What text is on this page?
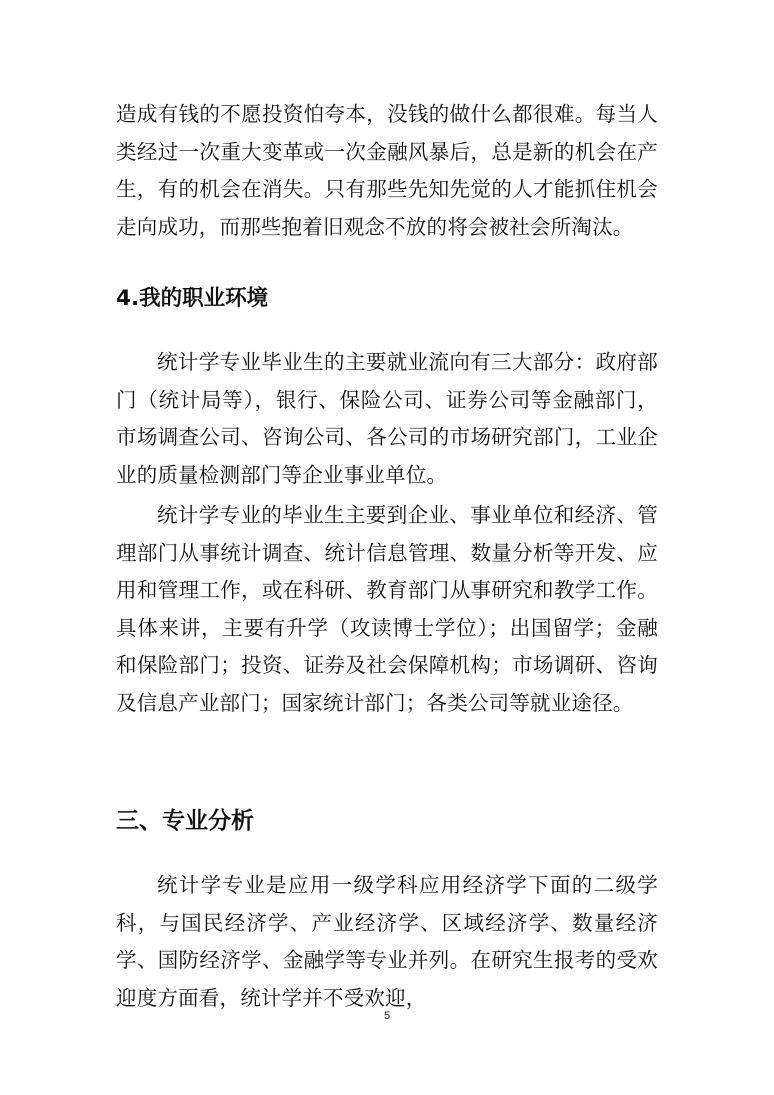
造成有钱的不愿投资怕夸本，没钱的做什么都很难。每当人类经过一次重大变革或一次金融风暴后，总是新的机会在产生，有的机会在消失。只有那些先知先觉的人才能抓住机会走向成功，而那些抱着旧观念不放的将会被社会所淘汰。

4.我的职业环境

统计学专业毕业生的主要就业流向有三大部分：政府部门（统计局等），银行、保险公司、证券公司等金融部门，市场调查公司、咨询公司、各公司的市场研究部门，工业企业的质量检测部门等企业事业单位。

统计学专业的毕业生主要到企业、事业单位和经济、管理部门从事统计调查、统计信息管理、数量分析等开发、应用和管理工作，或在科研、教育部门从事研究和教学工作。具体来讲，主要有升学（攻读博士学位）；出国留学；金融和保险部门；投资、证券及社会保障机构；市场调研、咨询及信息产业部门；国家统计部门；各类公司等就业途径。

三、专业分析

统计学专业是应用一级学科应用经济学下面的二级学科，与国民经济学、产业经济学、区域经济学、数量经济学、国防经济学、金融学等专业并列。在研究生报考的受欢迎度方面看，统计学并不受欢迎，

5
